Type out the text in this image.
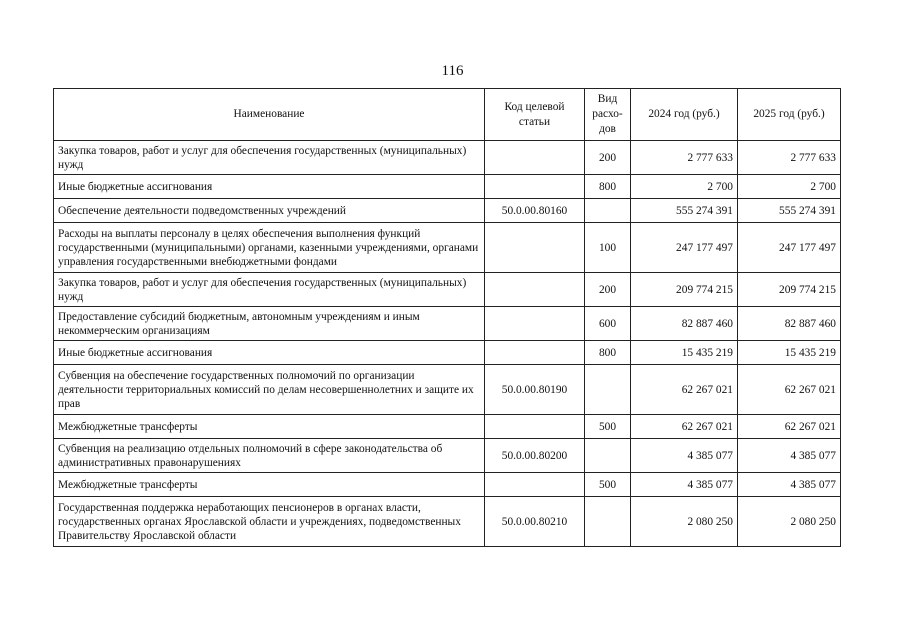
116
Наименование	Код целевой статьи	Вид расхо-дов	2024 год (руб.)	2025 год (руб.)
Закупка товаров, работ и услуг для обеспечения государственных (муниципальных) нужд		200	2 777 633	2 777 633
Иные бюджетные ассигнования		800	2 700	2 700
Обеспечение деятельности подведомственных учреждений	50.0.00.80160		555 274 391	555 274 391
Расходы на выплаты персоналу в целях обеспечения выполнения функций государственными (муниципальными) органами, казенными учреждениями, органами управления государственными внебюджетными фондами		100	247 177 497	247 177 497
Закупка товаров, работ и услуг для обеспечения государственных (муниципальных) нужд		200	209 774 215	209 774 215
Предоставление субсидий бюджетным, автономным учреждениям и иным некоммерческим организациям		600	82 887 460	82 887 460
Иные бюджетные ассигнования		800	15 435 219	15 435 219
Субвенция на обеспечение государственных полномочий по организации деятельности территориальных комиссий по делам несовершеннолетних и защите их прав	50.0.00.80190		62 267 021	62 267 021
Межбюджетные трансферты		500	62 267 021	62 267 021
Субвенция на реализацию отдельных полномочий в сфере законодательства об административных правонарушениях	50.0.00.80200		4 385 077	4 385 077
Межбюджетные трансферты		500	4 385 077	4 385 077
Государственная поддержка неработающих пенсионеров в органах власти, государственных органах Ярославской области и учреждениях, подведомственных Правительству Ярославской области	50.0.00.80210		2 080 250	2 080 250
